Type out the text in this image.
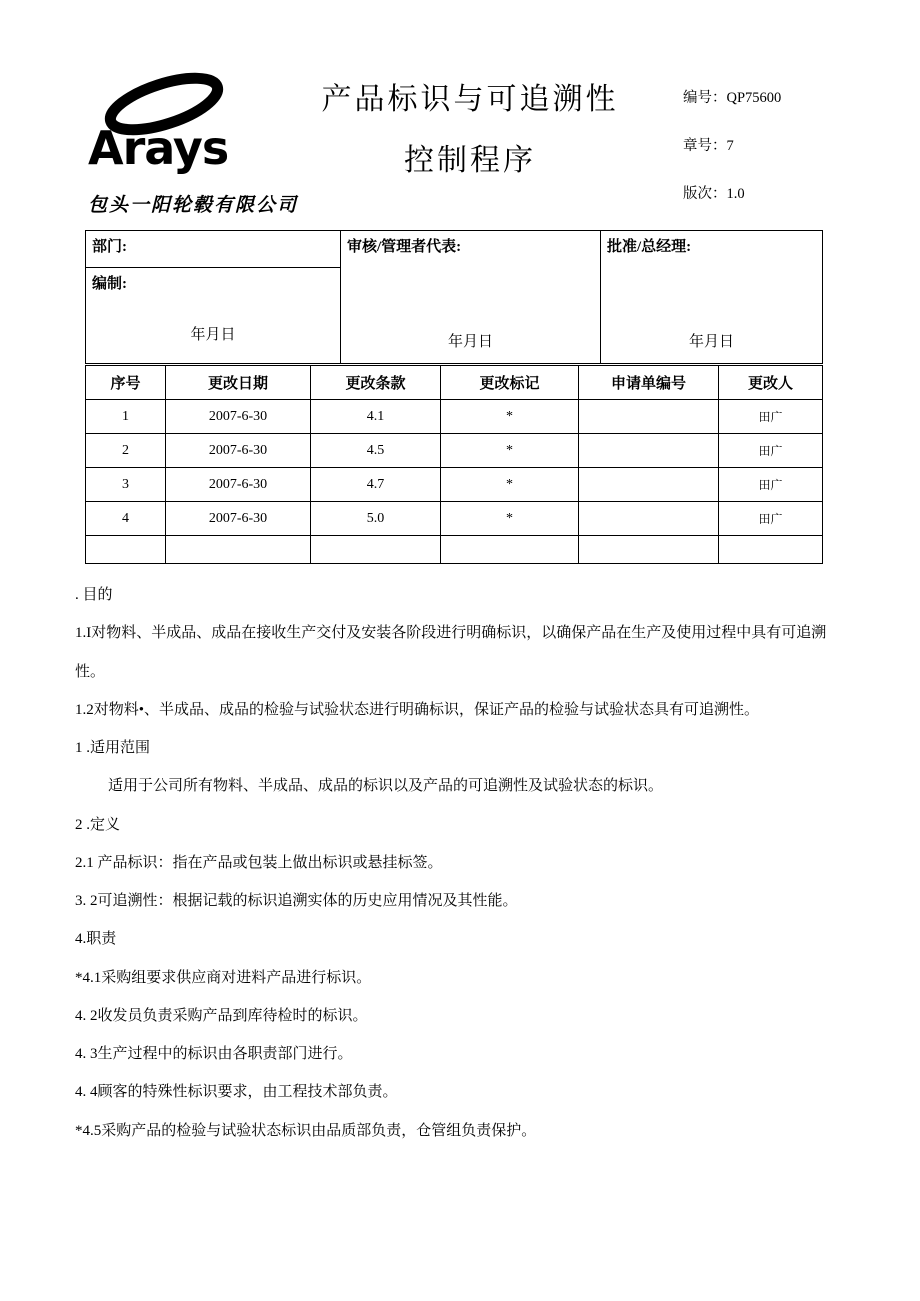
Arays
包头一阳轮毂有限公司
产品标识与可追溯性
控制程序
编号：QP75600
章号：7
版次：1.0
部门:	审核/管理者代表:
年月日

批准/总经理:
年月日

编制:
年月日
序号	更改日期	更改条款	更改标记	申请单编号	更改人
1	2007-6-30	4.1	*		田广
2	2007-6-30	4.5	*		田广
3	2007-6-30	4.7	*		田广
4	2007-6-30	5.0	*		田广

. 目的

1.I对物料、半成品、成品在接收生产交付及安装各阶段进行明确标识，以确保产品在生产及使用过程中具有可追溯性。

1.2对物料•、半成品、成品的检验与试验状态进行明确标识，保证产品的检验与试验状态具有可追溯性。

1 .适用范围

适用于公司所有物料、半成品、成品的标识以及产品的可追溯性及试验状态的标识。

2 .定义

2.1 产品标识：指在产品或包装上做出标识或悬挂标签。

3. 2可追溯性：根据记载的标识追溯实体的历史应用情况及其性能。

4.职责

*4.1采购组要求供应商对进料产品进行标识。

4. 2收发员负责采购产品到库待检时的标识。

4. 3生产过程中的标识由各职责部门进行。

4. 4顾客的特殊性标识要求，由工程技术部负责。

*4.5采购产品的检验与试验状态标识由品质部负责，仓管组负责保护。
